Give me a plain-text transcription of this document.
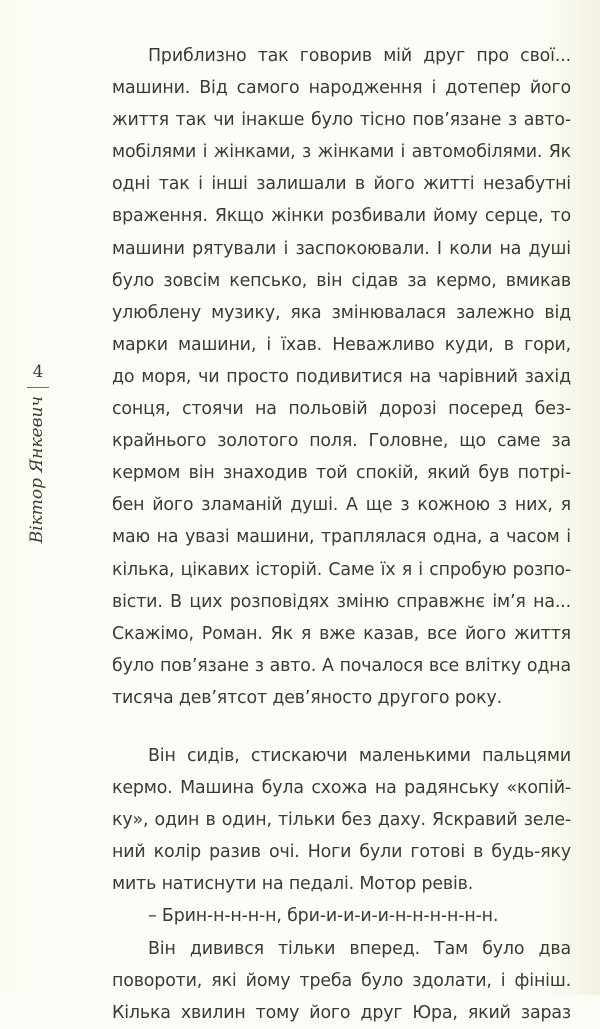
4
Віктор Янкевич
Приблизно так говорив мій друг про свої...
машини. Від самого народження і дотепер його
життя так чи інакше було тісно пов’язане з авто-
мобілями і жінками, з жінками і автомобілями. Як
одні так і інші залишали в його житті незабутні
враження. Якщо жінки розбивали йому серце, то
машини рятували і заспокоювали. І коли на душі
було зовсім кепсько, він сідав за кермо, вмикав
улюблену музику, яка змінювалася залежно від
марки машини, і їхав. Неважливо куди, в гори,
до моря, чи просто подивитися на чарівний захід
сонця, стоячи на польовій дорозі посеред без-
крайнього золотого поля. Головне, що саме за
кермом він знаходив той спокій, який був потрі-
бен його зламаній душі. А ще з кожною з них, я
маю на увазі машини, траплялася одна, а часом і
кілька, цікавих історій. Саме їх я і спробую розпо-
вісти. В цих розповідях зміню справжнє ім’я на...
Скажімо, Роман. Як я вже казав, все його життя
було пов’язане з авто. А почалося все влітку одна
тисяча дев’ятсот дев’яносто другого року.
Він сидів, стискаючи маленькими пальцями
кермо. Машина була схожа на радянську «копій-
ку», один в один, тільки без даху. Яскравий зеле-
ний колір разив очі. Ноги були готові в будь-яку
мить натиснути на педалі. Мотор ревів.
– Брин-н-н-н-н, бри-и-и-и-и-н-н-н-н-н-н.
Він дивився тільки вперед. Там було два
повороти, які йому треба було здолати, і фініш.
Кілька хвилин тому його друг Юра, який зараз
